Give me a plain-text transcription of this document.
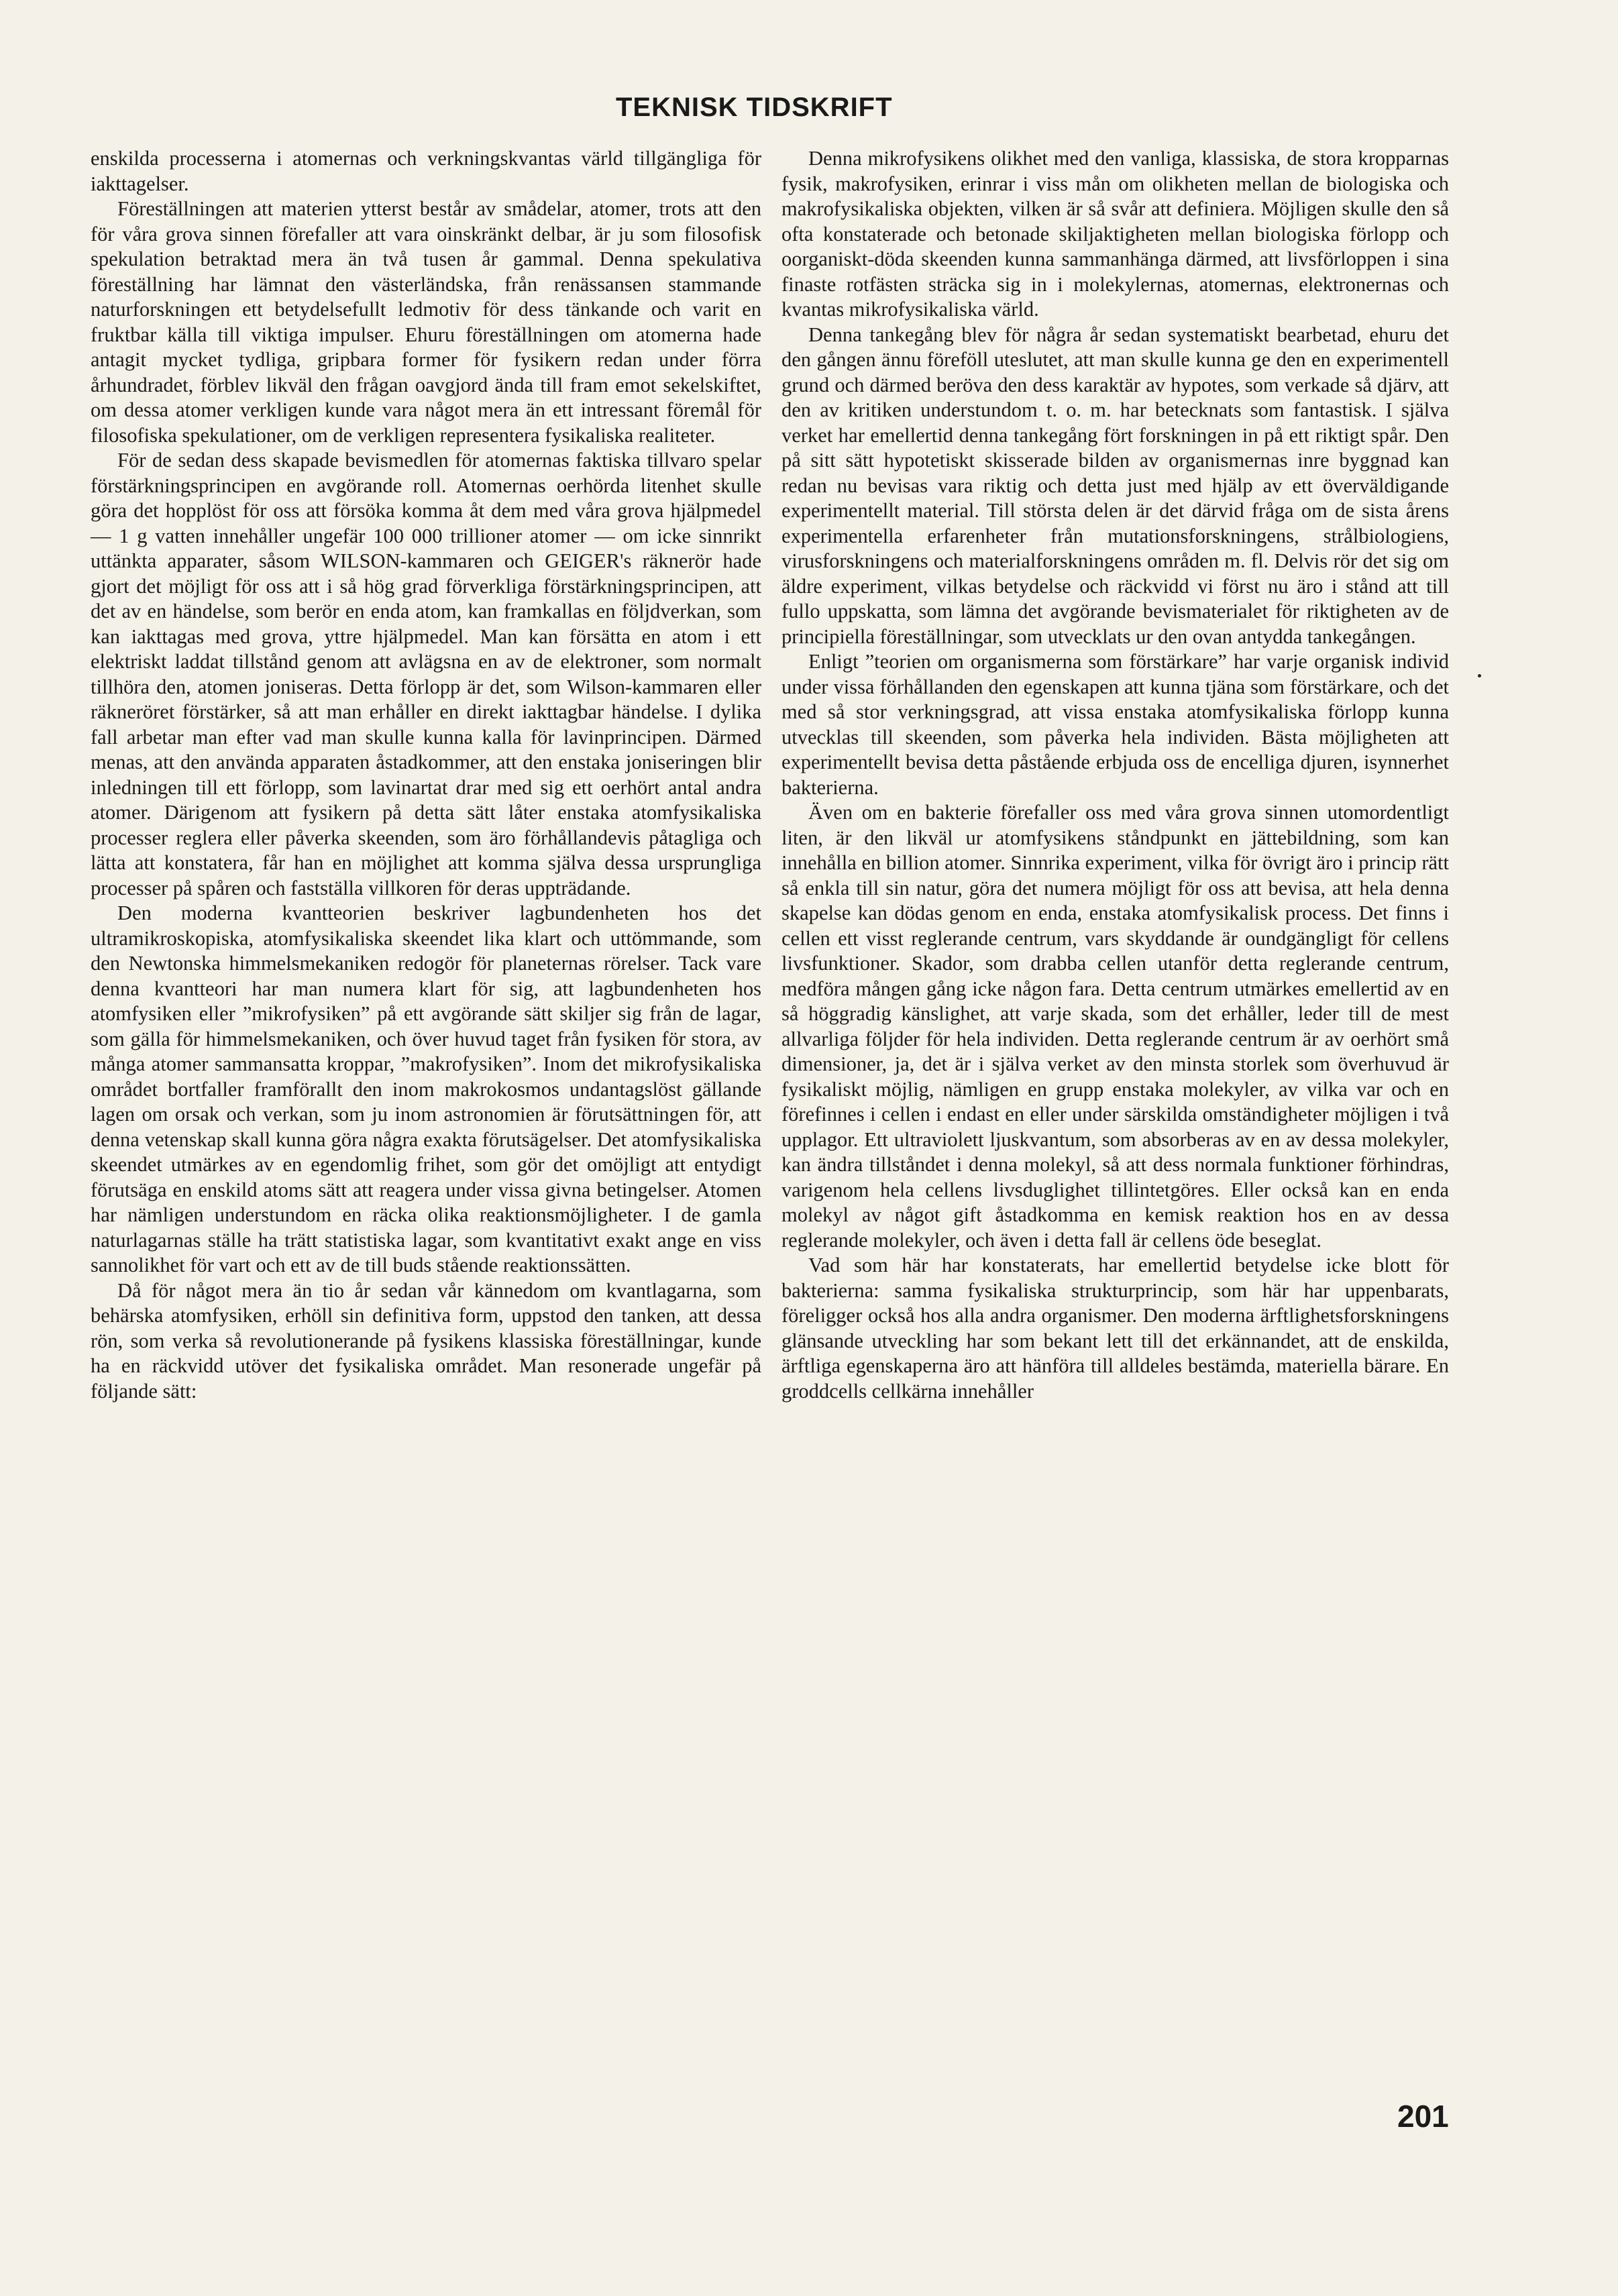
TEKNISK TIDSKRIFT

enskilda processerna i atomernas och verkningskvantas värld tillgängliga för iakttagelser.

Föreställningen att materien ytterst består av smådelar, atomer, trots att den för våra grova sinnen förefaller att vara oinskränkt delbar, är ju som filosofisk spekulation betraktad mera än två tusen år gammal. Denna spekulativa föreställning har lämnat den västerländska, från renässansen stammande naturforskningen ett betydelsefullt ledmotiv för dess tänkande och varit en fruktbar källa till viktiga impulser. Ehuru föreställningen om atomerna hade antagit mycket tydliga, gripbara former för fysikern redan under förra århundradet, förblev likväl den frågan oavgjord ända till fram emot sekelskiftet, om dessa atomer verkligen kunde vara något mera än ett intressant föremål för filosofiska spekulationer, om de verkligen representera fysikaliska realiteter.

För de sedan dess skapade bevismedlen för atomernas faktiska tillvaro spelar förstärkningsprincipen en avgörande roll. Atomernas oerhörda litenhet skulle göra det hopplöst för oss att försöka komma åt dem med våra grova hjälpmedel — 1 g vatten innehåller ungefär 100 000 trillioner atomer — om icke sinnrikt uttänkta apparater, såsom WILSON-kammaren och GEIGER's räknerör hade gjort det möjligt för oss att i så hög grad förverkliga förstärkningsprincipen, att det av en händelse, som berör en enda atom, kan framkallas en följdverkan, som kan iakttagas med grova, yttre hjälpmedel. Man kan försätta en atom i ett elektriskt laddat tillstånd genom att avlägsna en av de elektroner, som normalt tillhöra den, atomen joniseras. Detta förlopp är det, som Wilson-kammaren eller räkneröret förstärker, så att man erhåller en direkt iakttagbar händelse. I dylika fall arbetar man efter vad man skulle kunna kalla för lavinprincipen. Därmed menas, att den använda apparaten åstadkommer, att den enstaka joniseringen blir inledningen till ett förlopp, som lavinartat drar med sig ett oerhört antal andra atomer. Därigenom att fysikern på detta sätt låter enstaka atomfysikaliska processer reglera eller påverka skeenden, som äro förhållandevis påtagliga och lätta att konstatera, får han en möjlighet att komma själva dessa ursprungliga processer på spåren och fastställa villkoren för deras uppträdande.

Den moderna kvantteorien beskriver lagbundenheten hos det ultramikroskopiska, atomfysikaliska skeendet lika klart och uttömmande, som den Newtonska himmelsmekaniken redogör för planeternas rörelser. Tack vare denna kvantteori har man numera klart för sig, att lagbundenheten hos atomfysiken eller ”mikrofysiken” på ett avgörande sätt skiljer sig från de lagar, som gälla för himmelsmekaniken, och över huvud taget från fysiken för stora, av många atomer sammansatta kroppar, ”makrofysiken”. Inom det mikrofysikaliska området bortfaller framförallt den inom makrokosmos undantagslöst gällande lagen om orsak och verkan, som ju inom astronomien är förutsättningen för, att denna vetenskap skall kunna göra några exakta förutsägelser. Det atomfysikaliska skeendet utmärkes av en egendomlig frihet, som gör det omöjligt att entydigt förutsäga en enskild atoms sätt att reagera under vissa givna betingelser. Atomen har nämligen understundom en räcka olika reaktionsmöjligheter. I de gamla naturlagarnas ställe ha trätt statistiska lagar, som kvantitativt exakt ange en viss sannolikhet för vart och ett av de till buds stående reaktionssätten.

Då för något mera än tio år sedan vår kännedom om kvantlagarna, som behärska atomfysiken, erhöll sin definitiva form, uppstod den tanken, att dessa rön, som verka så revolutionerande på fysikens klassiska föreställningar, kunde ha en räckvidd utöver det fysikaliska området. Man resonerade ungefär på följande sätt:

Denna mikrofysikens olikhet med den vanliga, klassiska, de stora kropparnas fysik, makrofysiken, erinrar i viss mån om olikheten mellan de biologiska och makrofysikaliska objekten, vilken är så svår att definiera. Möjligen skulle den så ofta konstaterade och betonade skiljaktigheten mellan biologiska förlopp och oorganiskt-döda skeenden kunna sammanhänga därmed, att livsförloppen i sina finaste rotfästen sträcka sig in i molekylernas, atomernas, elektronernas och kvantas mikrofysikaliska värld.

Denna tankegång blev för några år sedan systematiskt bearbetad, ehuru det den gången ännu föreföll uteslutet, att man skulle kunna ge den en experimentell grund och därmed beröva den dess karaktär av hypotes, som verkade så djärv, att den av kritiken understundom t. o. m. har betecknats som fantastisk. I själva verket har emellertid denna tankegång fört forskningen in på ett riktigt spår. Den på sitt sätt hypotetiskt skisserade bilden av organismernas inre byggnad kan redan nu bevisas vara riktig och detta just med hjälp av ett överväldigande experimentellt material. Till största delen är det därvid fråga om de sista årens experimentella erfarenheter från mutationsforskningens, strålbiologiens, virusforskningens och materialforskningens områden m. fl. Delvis rör det sig om äldre experiment, vilkas betydelse och räckvidd vi först nu äro i stånd att till fullo uppskatta, som lämna det avgörande bevismaterialet för riktigheten av de principiella föreställningar, som utvecklats ur den ovan antydda tankegången.

Enligt ”teorien om organismerna som förstärkare” har varje organisk individ under vissa förhållanden den egenskapen att kunna tjäna som förstärkare, och det med så stor verkningsgrad, att vissa enstaka atomfysikaliska förlopp kunna utvecklas till skeenden, som påverka hela individen. Bästa möjligheten att experimentellt bevisa detta påstående erbjuda oss de encelliga djuren, isynnerhet bakterierna.

Även om en bakterie förefaller oss med våra grova sinnen utomordentligt liten, är den likväl ur atomfysikens ståndpunkt en jättebildning, som kan innehålla en billion atomer. Sinnrika experiment, vilka för övrigt äro i princip rätt så enkla till sin natur, göra det numera möjligt för oss att bevisa, att hela denna skapelse kan dödas genom en enda, enstaka atomfysikalisk process. Det finns i cellen ett visst reglerande centrum, vars skyddande är oundgängligt för cellens livsfunktioner. Skador, som drabba cellen utanför detta reglerande centrum, medföra mången gång icke någon fara. Detta centrum utmärkes emellertid av en så höggradig känslighet, att varje skada, som det erhåller, leder till de mest allvarliga följder för hela individen. Detta reglerande centrum är av oerhört små dimensioner, ja, det är i själva verket av den minsta storlek som överhuvud är fysikaliskt möjlig, nämligen en grupp enstaka molekyler, av vilka var och en förefinnes i cellen i endast en eller under särskilda omständigheter möjligen i två upplagor. Ett ultraviolett ljuskvantum, som absorberas av en av dessa molekyler, kan ändra tillståndet i denna molekyl, så att dess normala funktioner förhindras, varigenom hela cellens livsduglighet tillintetgöres. Eller också kan en enda molekyl av något gift åstadkomma en kemisk reaktion hos en av dessa reglerande molekyler, och även i detta fall är cellens öde beseglat.

Vad som här har konstaterats, har emellertid betydelse icke blott för bakterierna: samma fysikaliska strukturprincip, som här har uppenbarats, föreligger också hos alla andra organismer. Den moderna ärftlighetsforskningens glänsande utveckling har som bekant lett till det erkännandet, att de enskilda, ärftliga egenskaperna äro att hänföra till alldeles bestämda, materiella bärare. En groddcells cellkärna innehåller

201
